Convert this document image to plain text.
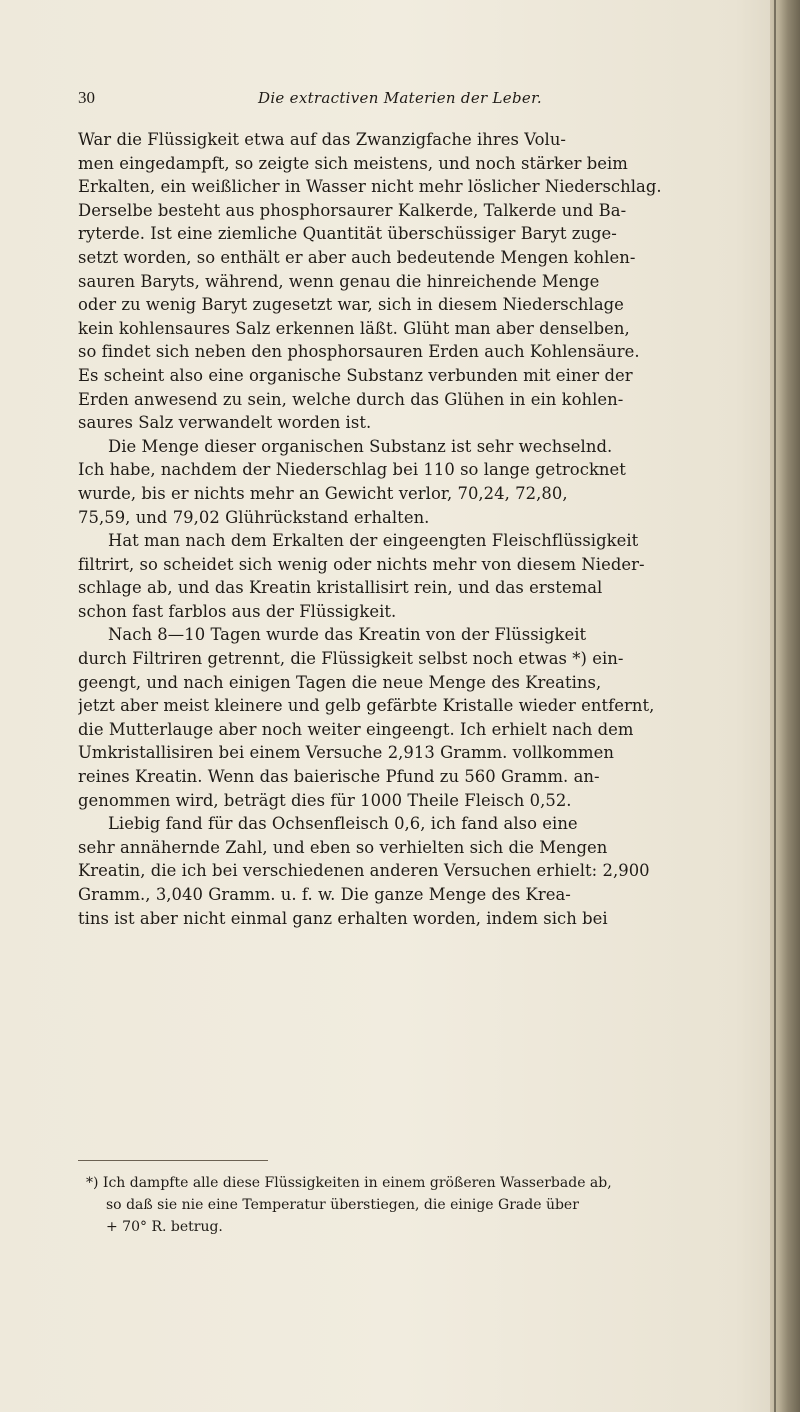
30	Die extractiven Materien der Leber.
War die Flüssigkeit etwa auf das Zwanzigfache ihres Volu-
men eingedampft, so zeigte sich meistens, und noch stärker beim
Erkalten, ein weißlicher in Wasser nicht mehr löslicher Niederschlag.
Derselbe besteht aus phosphorsaurer Kalkerde, Talkerde und Ba-
ryterde. Ist eine ziemliche Quantität überschüssiger Baryt zuge-
setzt worden, so enthält er aber auch bedeutende Mengen kohlen-
sauren Baryts, während, wenn genau die hinreichende Menge
oder zu wenig Baryt zugesetzt war, sich in diesem Niederschlage
kein kohlensaures Salz erkennen läßt. Glüht man aber denselben,
so findet sich neben den phosphorsauren Erden auch Kohlensäure.
Es scheint also eine organische Substanz verbunden mit einer der
Erden anwesend zu sein, welche durch das Glühen in ein kohlen-
saures Salz verwandelt worden ist.
Die Menge dieser organischen Substanz ist sehr wechselnd.
Ich habe, nachdem der Niederschlag bei 110 so lange getrocknet
wurde, bis er nichts mehr an Gewicht verlor, 70,24, 72,80,
75,59, und 79,02 Glührückstand erhalten.
Hat man nach dem Erkalten der eingeengten Fleischflüssigkeit
filtrirt, so scheidet sich wenig oder nichts mehr von diesem Nieder-
schlage ab, und das Kreatin kristallisirt rein, und das erstemal
schon fast farblos aus der Flüssigkeit.
Nach 8—10 Tagen wurde das Kreatin von der Flüssigkeit
durch Filtriren getrennt, die Flüssigkeit selbst noch etwas *) ein-
geengt, und nach einigen Tagen die neue Menge des Kreatins,
jetzt aber meist kleinere und gelb gefärbte Kristalle wieder entfernt,
die Mutterlauge aber noch weiter eingeengt. Ich erhielt nach dem
Umkristallisiren bei einem Versuche 2,913 Gramm. vollkommen
reines Kreatin. Wenn das baierische Pfund zu 560 Gramm. an-
genommen wird, beträgt dies für 1000 Theile Fleisch 0,52.
Liebig fand für das Ochsenfleisch 0,6, ich fand also eine
sehr annähernde Zahl, und eben so verhielten sich die Mengen
Kreatin, die ich bei verschiedenen anderen Versuchen erhielt: 2,900
Gramm., 3,040 Gramm. u. f. w. Die ganze Menge des Krea-
tins ist aber nicht einmal ganz erhalten worden, indem sich bei
*) Ich dampfte alle diese Flüssigkeiten in einem größeren Wasserbade ab,
so daß sie nie eine Temperatur überstiegen, die einige Grade über
+ 70° R. betrug.
